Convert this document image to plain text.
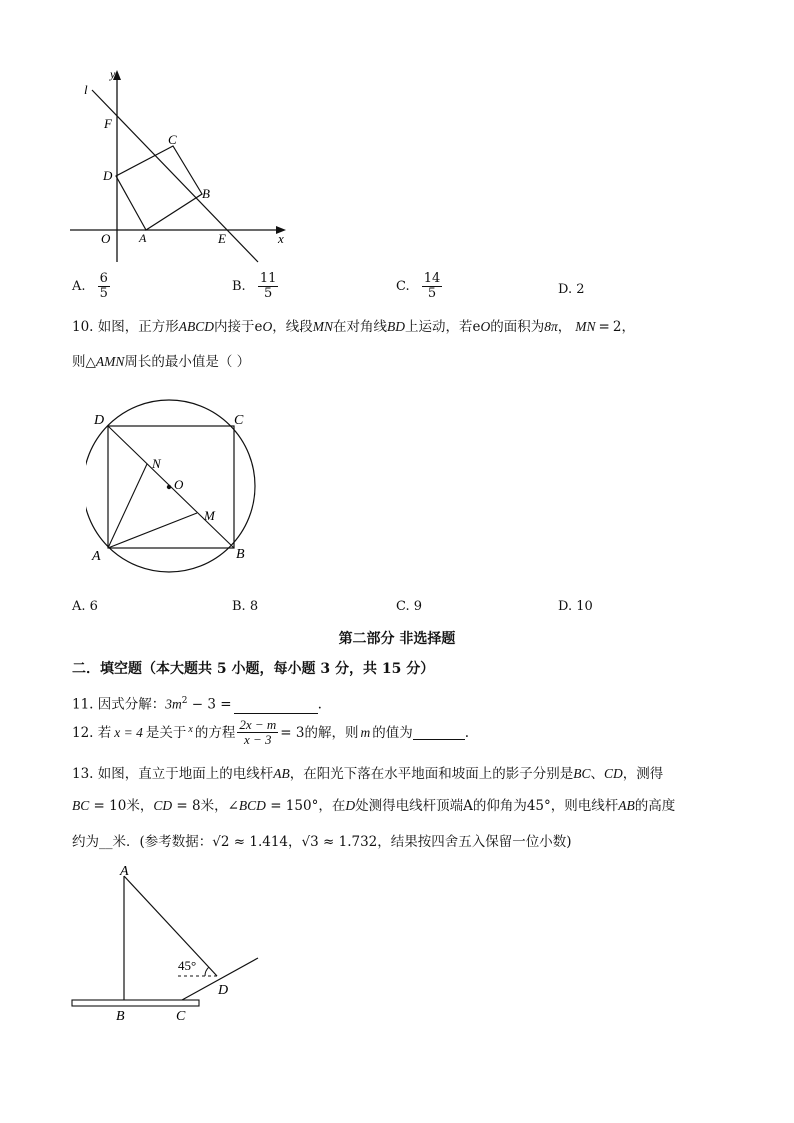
y
x
l
F
C
D
B
O A	E
A. $\frac{6}{5}$	B. $\frac{11}{5}$	C. $\frac{14}{5}$	D. 2
10. 如图，正方形ABCD内接于eO，线段MN在对角线BD上运动，若eO的面积为8π， MN = 2，
则△AMN周长的最小值是（ ）
D	C
N
O
M
A	B
A. 6	B. 8	C. 9	D. 10
第二部分 非选择题
二．填空题（本大题共 5 小题，每小题 3 分，共 15 分）
11. 因式分解：$3m^2 - 3$ =	.
12. 若 x = 4 是关于 x 的方程 $\frac{2x - m}{x - 3} = 3$ 的解，则 m 的值为	.
13. 如图，直立于地面上的电线杆AB，在阳光下落在水平地面和坡面上的影子分别是BC、CD，测得
BC = 10米，CD = 8米，∠BCD = 150°，在D处测得电线杆顶端A的仰角为45°，则电线杆AB的高度
约为__米．(参考数据：√2 ≈ 1.414，√3 ≈ 1.732，结果按四舍五入保留一位小数)
A
45°
D
B	C
